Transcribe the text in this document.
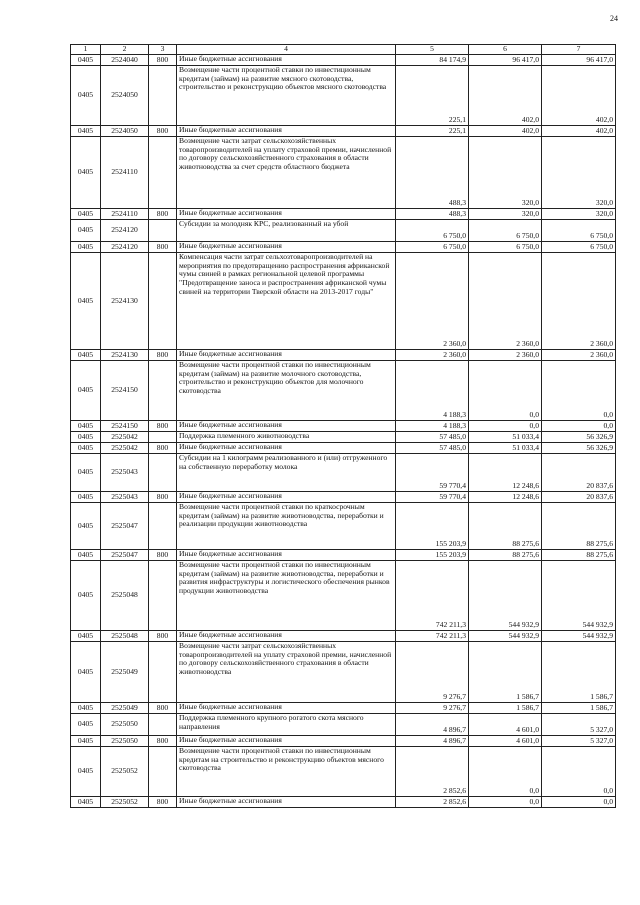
24
1	2	3	4	5	6	7
0405	2524040	800	Иные бюджетные ассигнования	84 174,9	96 417,0	96 417,0
0405	2524050		Возмещение части процентной ставки по инвестиционным кредитам (займам) на развитие мясного скотоводства, строительство и реконструкцию объектов мясного скотоводства	225,1	402,0	402,0
0405	2524050	800	Иные бюджетные ассигнования	225,1	402,0	402,0
0405	2524110		Возмещение части затрат сельскохозяйственных товаропроизводителей на уплату страховой премии, начисленной по договору сельскохозяйственного страхования в области животноводства за счет средств областного бюджета	488,3	320,0	320,0
0405	2524110	800	Иные бюджетные ассигнования	488,3	320,0	320,0
0405	2524120		Субсидии за молодняк КРС, реализованный на убой	6 750,0	6 750,0	6 750,0
0405	2524120	800	Иные бюджетные ассигнования	6 750,0	6 750,0	6 750,0
0405	2524130		Компенсация части затрат сельхозтоваропроизводителей на мероприятия по предотвращению распространения африканской чумы свиней в рамках региональной целевой программы "Предотвращение заноса и распространения африканской чумы свиней на территории Тверской области на 2013-2017 годы"	2 360,0	2 360,0	2 360,0
0405	2524130	800	Иные бюджетные ассигнования	2 360,0	2 360,0	2 360,0
0405	2524150		Возмещение части процентной ставки по инвестиционным кредитам (займам) на развитие молочного скотоводства, строительство и реконструкцию объектов для молочного скотоводства	4 188,3	0,0	0,0
0405	2524150	800	Иные бюджетные ассигнования	4 188,3	0,0	0,0
0405	2525042		Поддержка племенного животноводства	57 485,0	51 033,4	56 326,9
0405	2525042	800	Иные бюджетные ассигнования	57 485,0	51 033,4	56 326,9
0405	2525043		Субсидии на 1 килограмм реализованного и (или) отгруженного на собственную переработку молока	59 770,4	12 248,6	20 837,6
0405	2525043	800	Иные бюджетные ассигнования	59 770,4	12 248,6	20 837,6
0405	2525047		Возмещение части процентной ставки по краткосрочным кредитам (займам) на развитие животноводства, переработки и реализации продукции животноводства	155 203,9	88 275,6	88 275,6
0405	2525047	800	Иные бюджетные ассигнования	155 203,9	88 275,6	88 275,6
0405	2525048		Возмещение части процентной ставки по инвестиционным кредитам (займам) на развитие животноводства, переработки и развития инфраструктуры и логистического обеспечения рынков продукции животноводства	742 211,3	544 932,9	544 932,9
0405	2525048	800	Иные бюджетные ассигнования	742 211,3	544 932,9	544 932,9
0405	2525049		Возмещение части затрат сельскохозяйственных товаропроизводителей на уплату страховой премии, начисленной по договору сельскохозяйственного страхования в области животноводства	9 276,7	1 586,7	1 586,7
0405	2525049	800	Иные бюджетные ассигнования	9 276,7	1 586,7	1 586,7
0405	2525050		Поддержка племенного крупного рогатого скота мясного направления	4 896,7	4 601,0	5 327,0
0405	2525050	800	Иные бюджетные ассигнования	4 896,7	4 601,0	5 327,0
0405	2525052		Возмещение части процентной ставки по инвестиционным кредитам на строительство и реконструкцию объектов мясного скотоводства	2 852,6	0,0	0,0
0405	2525052	800	Иные бюджетные ассигнования	2 852,6	0,0	0,0
